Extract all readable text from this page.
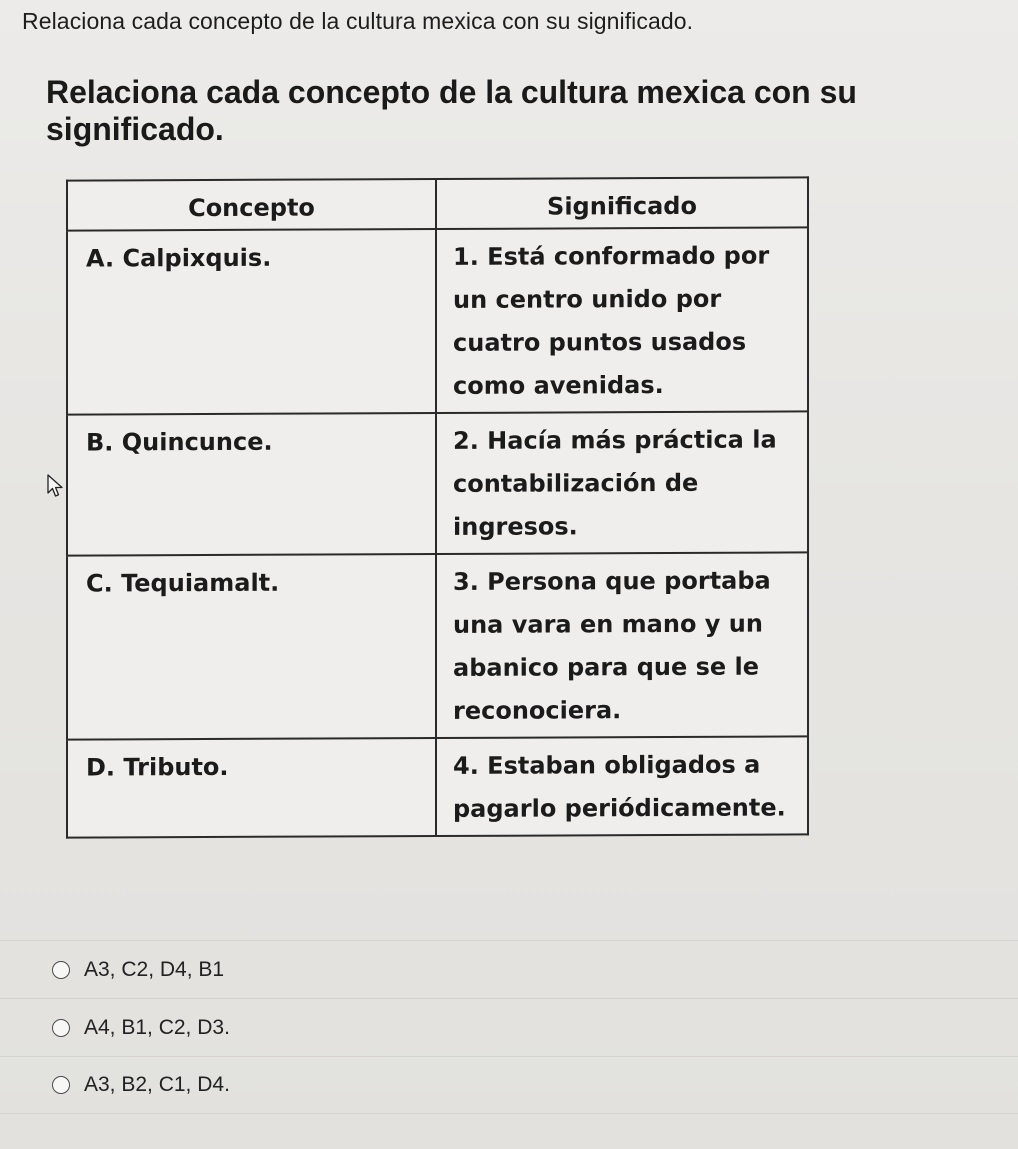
Relaciona cada concepto de la cultura mexica con su signiﬁcado.
Relaciona cada concepto de la cultura mexica con su signiﬁcado.
Concepto	Significado
A. Calpixquis.	1. Está conformado por un centro unido por cuatro puntos usados como avenidas.
B. Quincunce.	2. Hacía más práctica la contabilización de ingresos.
C. Tequiamalt.	3. Persona que portaba una vara en mano y un abanico para que se le reconociera.
D. Tributo.	4. Estaban obligados a pagarlo periódicamente.
A3, C2, D4, B1
A4, B1, C2, D3.
A3, B2, C1, D4.
